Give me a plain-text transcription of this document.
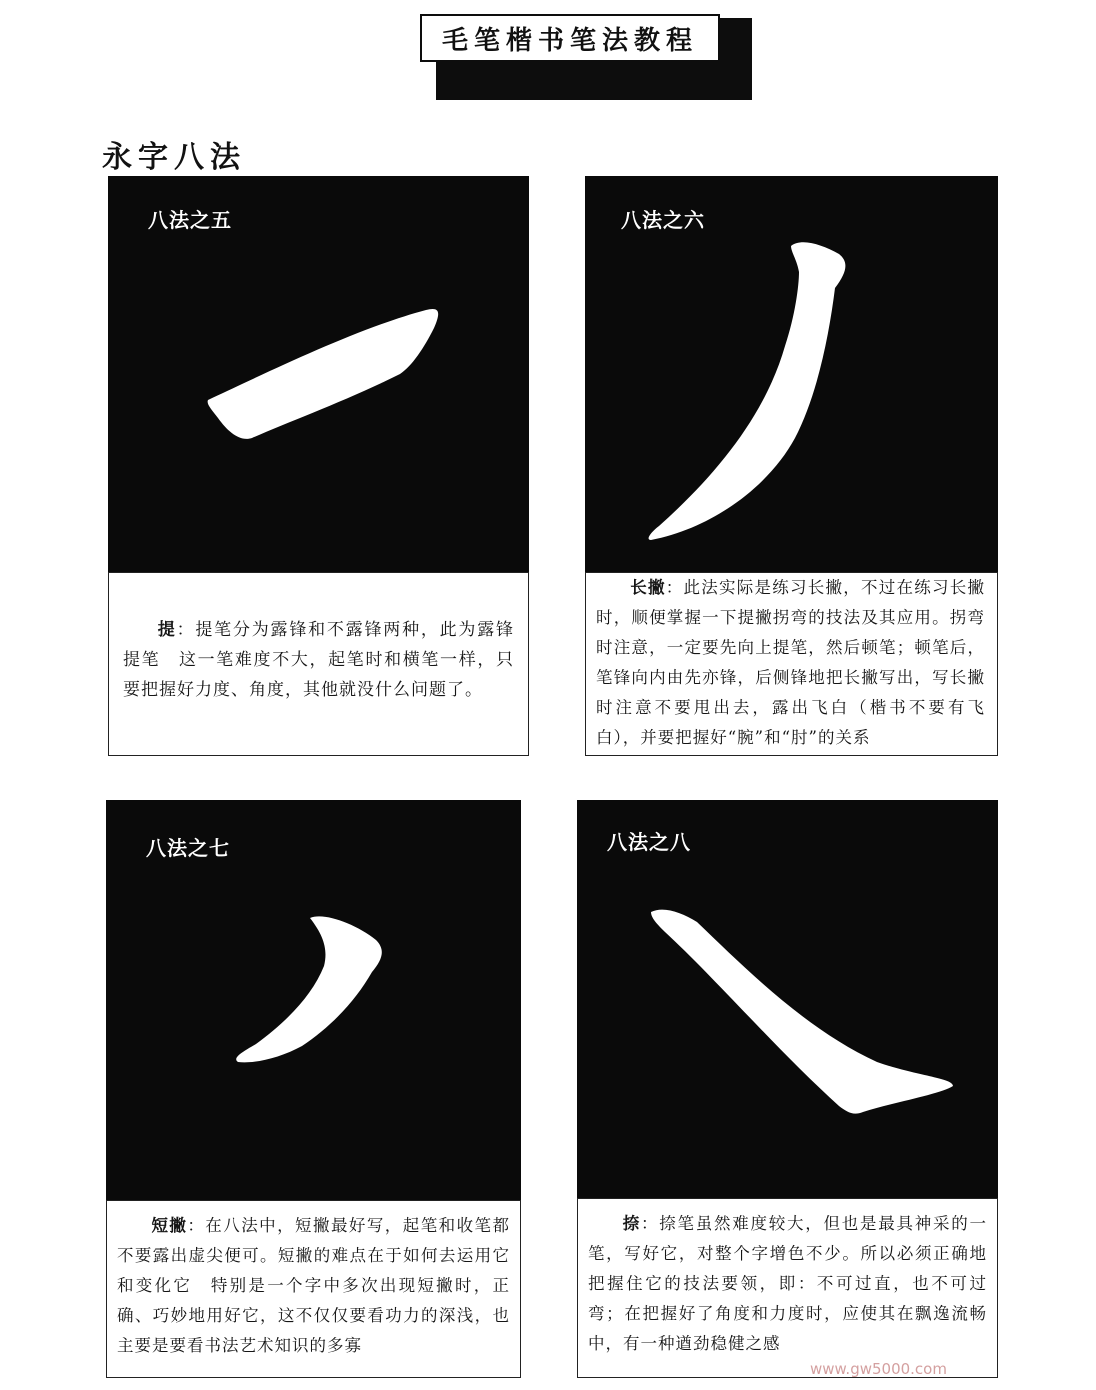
毛笔楷书笔法教程
永字八法
八法之五
提：提笔分为露锋和不露锋两种，此为露锋提笔　这一笔难度不大，起笔时和横笔一样，只要把握好力度、角度，其他就没什么问题了。
八法之六
长撇：此法实际是练习长撇，不过在练习长撇时，顺便掌握一下提撇拐弯的技法及其应用。拐弯时注意，一定要先向上提笔，然后顿笔；顿笔后，笔锋向内由先亦锋，后侧锋地把长撇写出，写长撇时注意不要甩出去，露出飞白（楷书不要有飞白），并要把握好“腕”和“肘”的关系
八法之七
短撇：在八法中，短撇最好写，起笔和收笔都不要露出虚尖便可。短撇的难点在于如何去运用它和变化它　特别是一个字中多次出现短撇时，正确、巧妙地用好它，这不仅仅要看功力的深浅，也主要是要看书法艺术知识的多寡
八法之八
捺：捺笔虽然难度较大，但也是最具神采的一笔，写好它，对整个字增色不少。所以必须正确地把握住它的技法要领，即：不可过直，也不可过弯；在把握好了角度和力度时，应使其在飘逸流畅中，有一种遒劲稳健之感
www.gw5000.com
